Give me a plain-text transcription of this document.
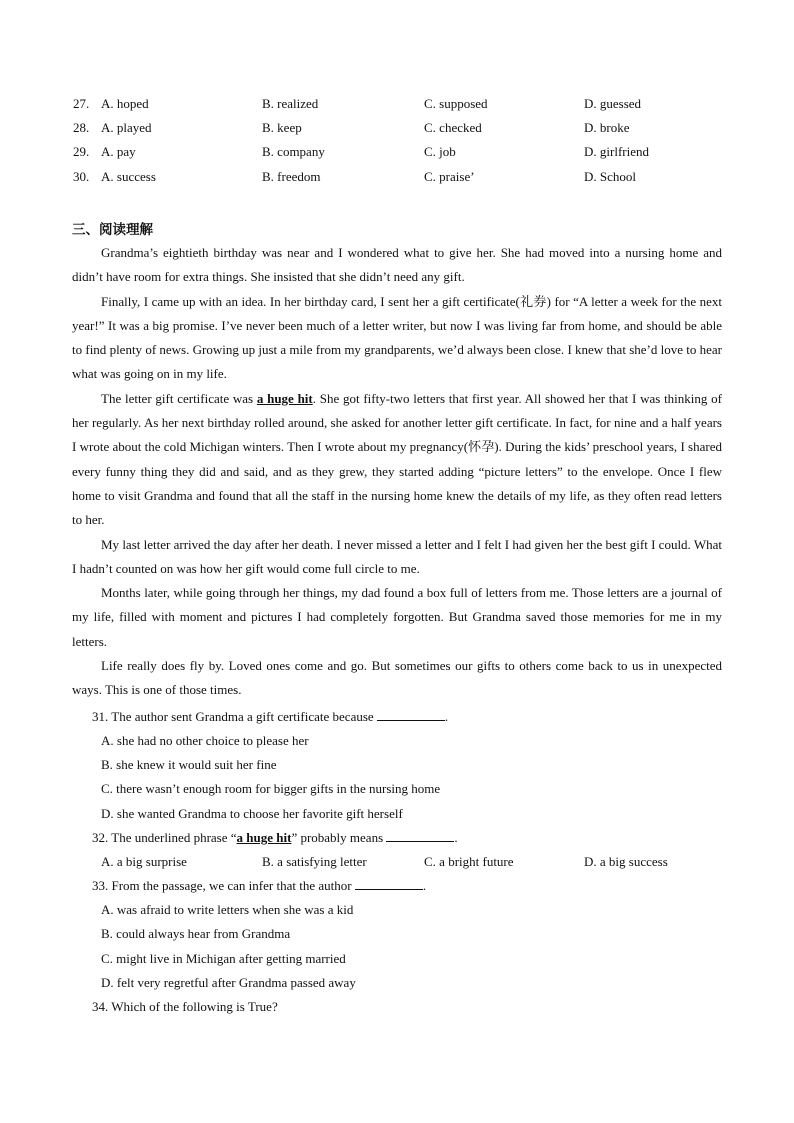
27. A. hoped	B. realized	C. supposed	D. guessed
28. A. played	B. keep	C. checked	D. broke
29. A. pay	B. company	C. job	D. girlfriend
30. A. success	B. freedom	C. praise’	D. School
三、阅读理解

Grandma’s eightieth birthday was near and I wondered what to give her. She had moved into a nursing home and didn’t have room for extra things. She insisted that she didn’t need any gift.

Finally, I came up with an idea. In her birthday card, I sent her a gift certificate(礼券) for “A letter a week for the next year!” It was a big promise. I’ve never been much of a letter writer, but now I was living far from home, and should be able to find plenty of news. Growing up just a mile from my grandparents, we’d always been close. I knew that she’d love to hear what was going on in my life.

The letter gift certificate was a huge hit. She got fifty-two letters that first year. All showed her that I was thinking of her regularly. As her next birthday rolled around, she asked for another letter gift certificate. In fact, for nine and a half years I wrote about the cold Michigan winters. Then I wrote about my pregnancy(怀孕). During the kids’ preschool years, I shared every funny thing they did and said, and as they grew, they started adding “picture letters” to the envelope. Once I flew home to visit Grandma and found that all the staff in the nursing home knew the details of my life, as they often read letters to her.

My last letter arrived the day after her death. I never missed a letter and I felt I had given her the best gift I could. What I hadn’t counted on was how her gift would come full circle to me.

Months later, while going through her things, my dad found a box full of letters from me. Those letters are a journal of my life, filled with moment and pictures I had completely forgotten. But Grandma saved those memories for me in my letters.

Life really does fly by. Loved ones come and go. But sometimes our gifts to others come back to us in unexpected ways. This is one of those times.

31. The author sent Grandma a gift certificate because	.
A. she had no other choice to please her
B. she knew it would suit her fine
C. there wasn’t enough room for bigger gifts in the nursing home
D. she wanted Grandma to choose her favorite gift herself
32. The underlined phrase “a huge hit” probably means	.
A. a big surprise	B. a satisfying letter	C. a bright future	D. a big success
33. From the passage, we can infer that the author	.
A. was afraid to write letters when she was a kid
B. could always hear from Grandma
C. might live in Michigan after getting married
D. felt very regretful after Grandma passed away
34. Which of the following is True?
